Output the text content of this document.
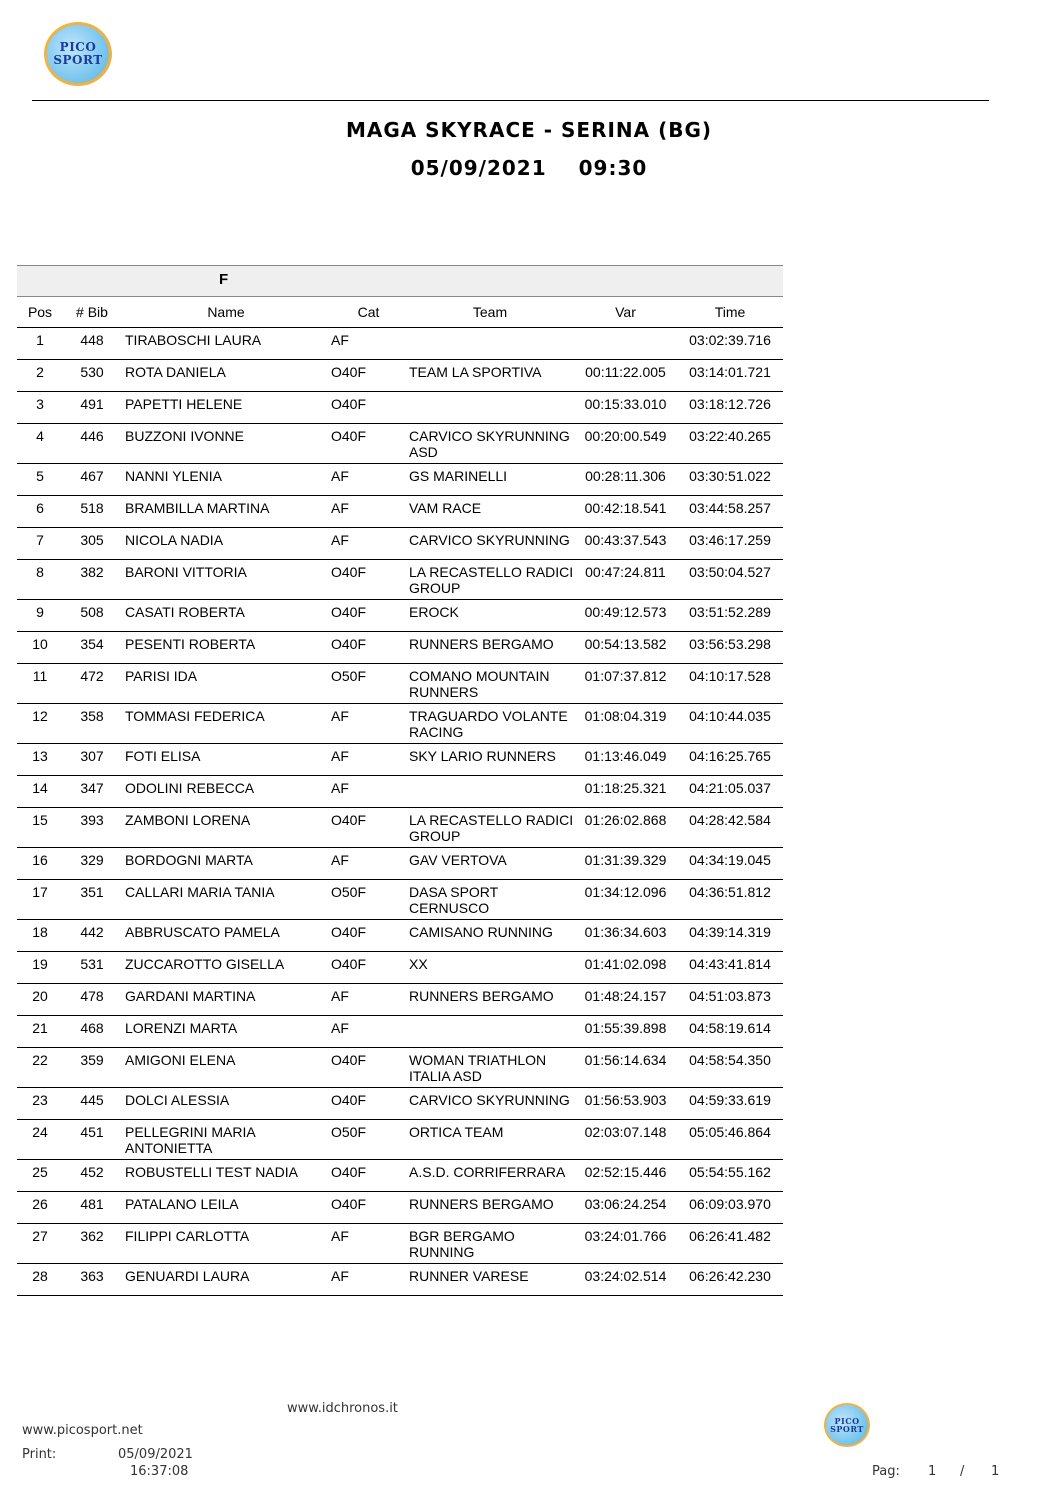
PICO
SPORT
MAGA SKYRACE - SERINA (BG)
05/09/2021 09:30
F
Pos	# Bib	Name	Cat	Team	Var	Time
1	448	TIRABOSCHI LAURA	AF			03:02:39.716
2	530	ROTA DANIELA	O40F	TEAM LA SPORTIVA	00:11:22.005	03:14:01.721
3	491	PAPETTI HELENE	O40F		00:15:33.010	03:18:12.726
4	446	BUZZONI IVONNE	O40F	CARVICO SKYRUNNING ASD	00:20:00.549	03:22:40.265
5	467	NANNI YLENIA	AF	GS MARINELLI	00:28:11.306	03:30:51.022
6	518	BRAMBILLA MARTINA	AF	VAM RACE	00:42:18.541	03:44:58.257
7	305	NICOLA NADIA	AF	CARVICO SKYRUNNING	00:43:37.543	03:46:17.259
8	382	BARONI VITTORIA	O40F	LA RECASTELLO RADICI GROUP	00:47:24.811	03:50:04.527
9	508	CASATI ROBERTA	O40F	EROCK	00:49:12.573	03:51:52.289
10	354	PESENTI ROBERTA	O40F	RUNNERS BERGAMO	00:54:13.582	03:56:53.298
11	472	PARISI IDA	O50F	COMANO MOUNTAIN RUNNERS	01:07:37.812	04:10:17.528
12	358	TOMMASI FEDERICA	AF	TRAGUARDO VOLANTE RACING	01:08:04.319	04:10:44.035
13	307	FOTI ELISA	AF	SKY LARIO RUNNERS	01:13:46.049	04:16:25.765
14	347	ODOLINI REBECCA	AF		01:18:25.321	04:21:05.037
15	393	ZAMBONI LORENA	O40F	LA RECASTELLO RADICI GROUP	01:26:02.868	04:28:42.584
16	329	BORDOGNI MARTA	AF	GAV VERTOVA	01:31:39.329	04:34:19.045
17	351	CALLARI MARIA TANIA	O50F	DASA SPORT CERNUSCO	01:34:12.096	04:36:51.812
18	442	ABBRUSCATO PAMELA	O40F	CAMISANO RUNNING	01:36:34.603	04:39:14.319
19	531	ZUCCAROTTO GISELLA	O40F	XX	01:41:02.098	04:43:41.814
20	478	GARDANI MARTINA	AF	RUNNERS BERGAMO	01:48:24.157	04:51:03.873
21	468	LORENZI MARTA	AF		01:55:39.898	04:58:19.614
22	359	AMIGONI ELENA	O40F	WOMAN TRIATHLON ITALIA ASD	01:56:14.634	04:58:54.350
23	445	DOLCI ALESSIA	O40F	CARVICO SKYRUNNING	01:56:53.903	04:59:33.619
24	451	PELLEGRINI MARIA ANTONIETTA	O50F	ORTICA TEAM	02:03:07.148	05:05:46.864
25	452	ROBUSTELLI TEST NADIA	O40F	A.S.D. CORRIFERRARA	02:52:15.446	05:54:55.162
26	481	PATALANO LEILA	O40F	RUNNERS BERGAMO	03:06:24.254	06:09:03.970
27	362	FILIPPI CARLOTTA	AF	BGR BERGAMO RUNNING	03:24:01.766	06:26:41.482
28	363	GENUARDI LAURA	AF	RUNNER VARESE	03:24:02.514	06:26:42.230
www.idchronos.it
www.picosport.net
Print:	05/09/2021
16:37:08
PICO
SPORT
Pag: 1 / 1
